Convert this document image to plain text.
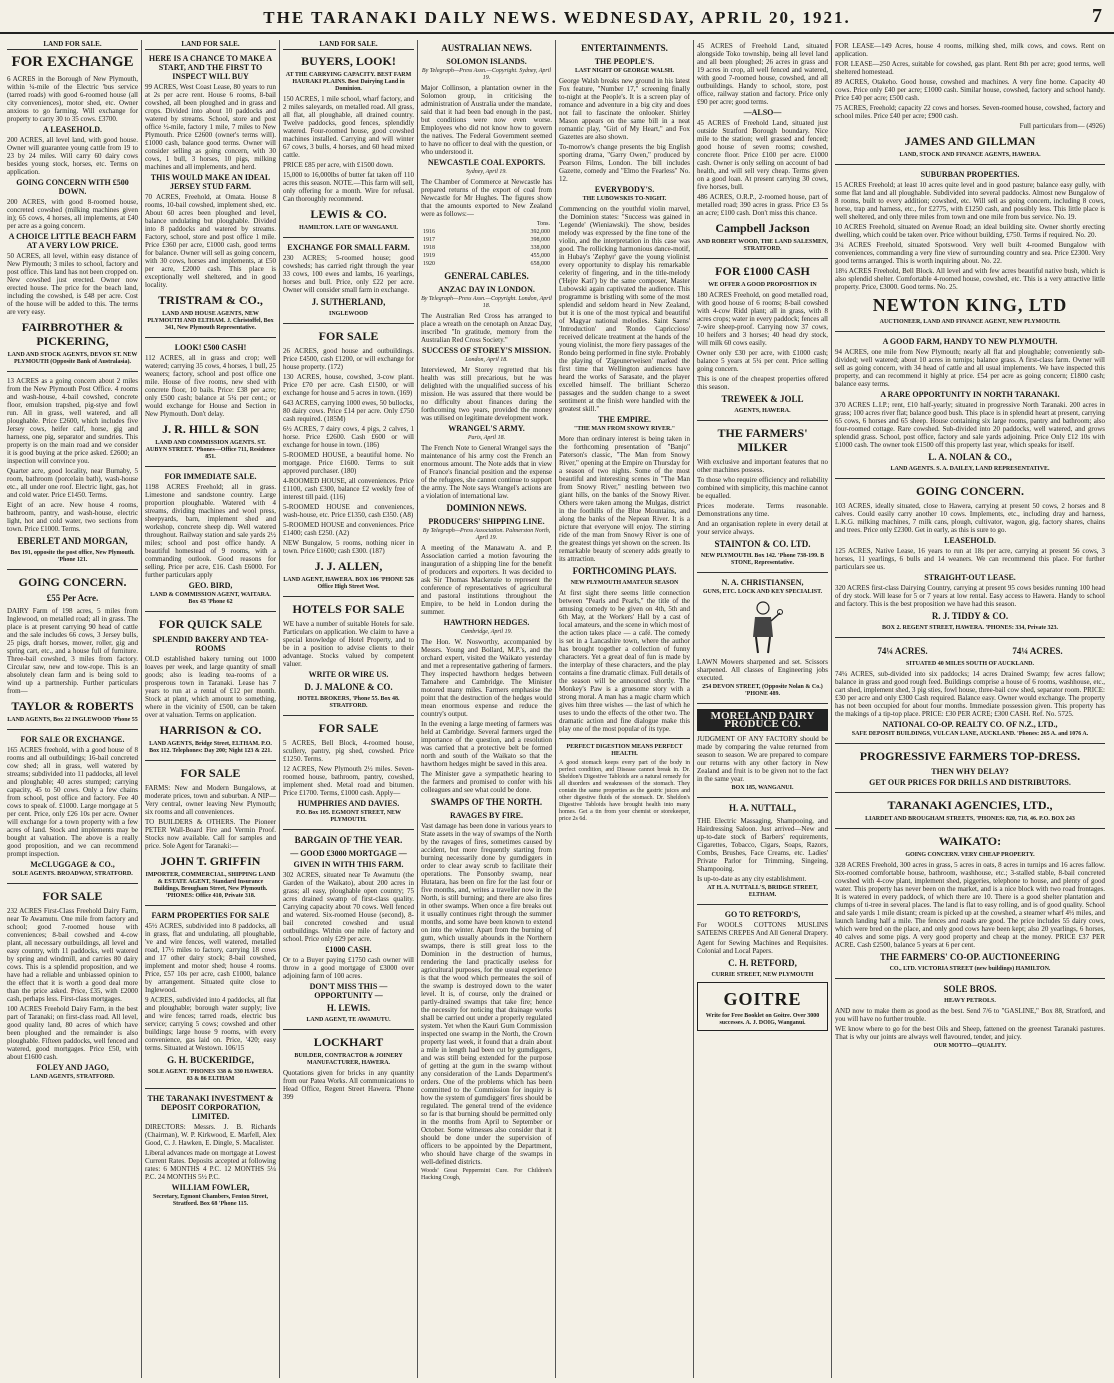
THE TARANAKI DAILY NEWS. WEDNESDAY, APRIL 20, 1921.	7
LAND FOR SALE.
FOR EXCHANGE

6 ACRES in the Borough of New Plymouth, within ¼-mile of the Electric 'bus service (tarred roads) with good 6-roomed house (all city conveniences), motor shed, etc. Owner anxious to go farming. Will exchange for property to carry 30 to 35 cows. £3700.

A LEASEHOLD.

200 ACRES, all level land, with good house. Owner will guarantee young cattle from 19 to 23 by 24 miles. Will carry 60 dairy cows besides young stock, horses, etc. Terms on application.

GOING CONCERN WITH £500 DOWN.

200 ACRES, with good 8-roomed house, concreted cowshed (milking machines given in); 65 cows, 4 horses, all implements, at £40 per acre as a going concern.

A CHOICE LITTLE BEACH FARM AT A VERY LOW PRICE.

50 ACRES, all level, within easy distance of New Plymouth; 3 miles to school, factory and post office. This land has not been cropped on. New cowshed just erected. Owner now erected house. The price for the beach land, including the cowshed, is £48 per acre. Cost of the house will be added to this. The terms are very easy.

FAIRBROTHER & PICKERING,
LAND AND STOCK AGENTS, DEVON ST. NEW PLYMOUTH (Opposite Bank of Australasia).

13 ACRES as a going concern about 2 miles from the New Plymouth Post Office. 4 rooms and wash-house, 4-bail cowshed, concrete floor, emulsion trapshed, pig-stye and fowl run. All in grass, well watered, and all ploughable. Price £2600, which includes five Jersey cows, heifer calf, horse, gig and harness, one pig, separator and sundries. This property is on the main road and we consider it is good buying at the price asked. £2600; an inspection will convince you.

Quarter acre, good locality, near Burnaby, 5 room, bathroom (porcelain bath), wash-house etc., all under one roof. Electric light, gas, hot and cold water. Price £1450. Terms.

Eight of an acre. New house 4 rooms, bathroom, pantry, and wash-house, electric light, hot and cold water, two sections from town. Price £1000. Terms.

EBERLET AND MORGAN,
Box 191, opposite the post office, New Plymouth. 'Phone 121.
GOING CONCERN.
£55 Per Acre.

DAIRY Farm of 198 acres, 5 miles from Inglewood, on metalled road; all in grass. The place is at present carrying 90 head of cattle and the sale includes 66 cows, 3 Jersey bulls, 25 pigs, draft horses, mower, roller, gig and spring cart, etc., and a house full of furniture. Three-bail cowshed, 3 miles from factory. Circular saw, new and tow-rope. This is an absolutely clean farm and is being sold to wind up a partnership. Further particulars from—

TAYLOR & ROBERTS
LAND AGENTS, Box 22 INGLEWOOD 'Phone 55
FOR SALE OR EXCHANGE.

165 ACRES freehold, with a good house of 8 rooms and all outbuildings; 16-bail concreted cow shed; all in grass, well watered by streams; subdivided into 11 paddocks, all level and ploughable; 40 acres stumped; carrying capacity, 45 to 50 cows. Only a few chains from school, post office and factory. Fee 40 cows to speak of. £1000. Large mortgage at 5 per cent. Price, only £26 10s per acre. Owner will exchange for a town property with a few acres of land. Stock and implements may be bought at valuation. The above is a really good proposition, and we can recommend prompt inspection.

McCLUGGAGE & CO.,
SOLE AGENTS. BROADWAY, STRATFORD.
FOR SALE

232 ACRES First-Class Freehold Dairy Farm, near Te Awamutu. One mile from factory and school; good 7-roomed house with conveniences; 8-bail cowshed and 4-cow plant, all necessary outbuildings, all level and easy country, with 11 paddocks, well watered by spring and windmill, and carries 80 dairy cows. This is a splendid proposition, and we have had a reliable and unbiassed opinion to the effect that it is worth a good deal more than the price asked. Price, £35, with £2000 cash, perhaps less. First-class mortgages.

100 ACRES Freehold Dairy Farm, in the best part of Taranaki; on first-class road. All level, good quality land, 80 acres of which have been ploughed and the remainder is also ploughable. Fifteen paddocks, well fenced and watered, good mortgages. Price £50, with about £1600 cash.

FOLEY AND JAGO,
LAND AGENTS, STRATFORD.
LAND FOR SALE.
HERE IS A CHANCE TO MAKE A START, AND THE FIRST TO INSPECT WILL BUY

99 ACRES, West Coast Lease, 80 years to run at 2s per acre rent. House 6 rooms, 8-bail cowshed, all been ploughed and in grass and crops. Divided into about 10 paddocks and watered by streams. School, store and post office ½-mile, factory 1 mile, 7 miles to New Plymouth. Price £2600 (owner's terms will). £1000 cash, balance good terms. Owner will consider selling as going concern, with 30 cows, 1 bull, 3 horses, 10 pigs, milking machines and all implements, and herd.

THIS WOULD MAKE AN IDEAL JERSEY STUD FARM.

70 ACRES, Freehold, at Omata. House 8 rooms, 10-bail cowshed, implement shed, etc. About 60 acres been ploughed and level, balance undulating but ploughable. Divided into 8 paddocks and watered by streams. Factory, school, store and post office 1 mile. Price £360 per acre, £1000 cash, good terms for balance. Owner will sell as going concern, with 30 cows, horses and implements, at £50 per acre, £2000 cash. This place is exceptionally well sheltered, and in good locality.

TRISTRAM & CO.,
LAND AND HOUSE AGENTS, NEW PLYMOUTH AND ELTHAM. J. Christoffel, Box 341, New Plymouth Representative.
LOOK! £500 CASH!

112 ACRES, all in grass and crop; well watered; carrying 35 cows, 4 horses, 1 bull, 25 weaners; factory, school and post office one mile. House of five rooms, new shed with concrete floor, 10 bails. Price: £38 per acre; only £500 cash; balance at 5¼ per cent.; or would exchange for House and Section in New Plymouth. Don't delay.

J. R. HILL & SON
LAND AND COMMISSION AGENTS. ST. AUBYN STREET. 'Phones—Office 711, Residence 851.
FOR IMMEDIATE SALE.

1198 ACRES Freehold; all in grass. Limestone and sandstone country. Large proportion ploughable. Watered with 4 streams, dividing machines and wool press, sheepyards, barn, implement shed and workshop, concrete sheep dip. Well watered throughout. Railway station and sale yards 2½ miles; school and post office handy. A beautiful homestead of 9 rooms, with a commanding outlook. Good reasons for selling. Price per acre, £16. Cash £6000. For further particulars apply

GEO. BIRD,
LAND & COMMISSION AGENT, WAITARA. Box 43 'Phone 62
FOR QUICK SALE
SPLENDID BAKERY AND TEA-ROOMS

OLD established bakery turning out 1000 loaves per week, and large quantity of small goods; also is leading tea-rooms of a prosperous town in Taranaki. Lease has 7 years to run at a rental of £12 per month. Stock at plant, which amount to something, where in the vicinity of £500, can be taken over at valuation. Terms on application.

HARRISON & CO.
LAND AGENTS, Bridge Street, ELTHAM. P.O. Box 112. Telephones: Day 200; Night 123 & 221.
FOR SALE

FARMS: New and Modern Bungalows, at moderate prices, town and suburban. A NIP—Very central, owner leaving New Plymouth; six rooms and all conveniences.

TO BUILDERS & OTHERS. The Pioneer PETER Wall-Board Fire and Vermin Proof. Stocks now available. Call for samples and price. Sole Agent for Taranaki:—

JOHN T. GRIFFIN
IMPORTER, COMMERCIAL, SHIPPING LAND & ESTATE AGENT, Standard Insurance Buildings, Brougham Street, New Plymouth. 'PHONES: Office 410, Private 318.
FARM PROPERTIES FOR SALE

45½ ACRES, subdivided into 8 paddocks, all in grass, flat and undulating, all ploughable, 've and wire fences, well watered, metalled road, 17½ miles to factory, carrying 18 cows and 17 other dairy stock; 8-bail cowshed, implement and motor shed; house 4 rooms. Price, £57 10s per acre, cash £1000, balance by arrangement. Situated quite close to Inglewood.

9 ACRES, subdivided into 4 paddocks, all flat and ploughable; borough water supply; live and wire fences; tarred roads, electric bus service; carrying 5 cows; cowshed and other buildings; large house 9 rooms, with every convenience, gas laid on. Price, '420; easy terms. Situated at Westown. 106/15

G. H. BUCKERIDGE,
SOLE AGENT. 'PHONES 338 & 330 HAWERA. 83 & 86 ELTHAM
THE TARANAKI INVESTMENT & DEPOSIT CORPORATION, LIMITED.

DIRECTORS: Messrs. J. B. Richards (Chairman), W. P. Kirkwood, E. Marfell, Alex Good, C. J. Hawken, E. Dingle, S. Macalister.

Liberal advances made on mortgage at Lowest Current Rates. Deposits accepted at following rates: 6 MONTHS 4 P.C. 12 MONTHS 5¼ P.C. 24 MONTHS 5½ P.C.

WILLIAM FOWLER,
Secretary, Egmont Chambers, Fenton Street, Stratford. Box 68 'Phone 115.
LAND FOR SALE.
BUYERS, LOOK!
AT THE CARRYING CAPACITY. BEST FARM HAURAKI PLAINS. Best Dairying Land in Dominion.

150 ACRES, 1 mile school, wharf factory, and 2 miles saleyards, on metalled road. All grass, all flat, all ploughable, all drained country. Twelve paddocks, good fences, splendidly watered. Four-roomed house, good cowshed machines installed. Carrying and will winter 67 cows, 3 bulls, 4 horses, and 60 head mixed cattle.

PRICE £85 per acre, with £1500 down.

15,000 to 16,000lbs of butter fat taken off 110 acres this season. NOTE.—This farm will sell, only offering for a month. Wire for refusal. Can thoroughly recommend.

LEWIS & CO.
HAMILTON. LATE OF WANGANUI.
EXCHANGE FOR SMALL FARM.

230 ACRES; 5-roomed house; good cowsheds; has carried right through the year 33 cows, 100 ewes and lambs, 16 yearlings, horses and bull. Price, only £22 per acre. Owner will consider small farm in exchange.

J. SUTHERLAND,
INGLEWOOD
FOR SALE

26 ACRES, good house and outbuildings. Price £4500, cash £1200, or will exchange for house property. (172)

130 ACRES, house, cowshed, 3-cow plant. Price £70 per acre. Cash £1500, or will exchange for house and 5 acres in town. (169)

643 ACRES, carrying 1000 ewes, 50 bullocks, 80 dairy cows. Price £14 per acre. Only £750 cash required. (185M)

6½ ACRES, 7 dairy cows, 4 pigs, 2 calves, 1 horse. Price £2600. Cash £600 or will exchange for house in town. (186)

5-ROOMED HOUSE, a beautiful home. No mortgage. Price £1600. Terms to suit approved purchaser. (180)

4-ROOMED HOUSE, all conveniences. Price £1100, cash £300, balance £2 weekly free of interest till paid. (116)

5-ROOMED HOUSE and conveniences, wash-house, etc. Price £1350, cash £350. (A8)

5-ROOMED HOUSE and conveniences. Price £1400; cash £250. (A2)

NEW Bungalow, 5 rooms, nothing nicer in town. Price £1600; cash £300. (187)

J. J. ALLEN,
LAND AGENT, HAWERA. BOX 106 'PHONE 526 Office High Street West.
HOTELS FOR SALE

WE have a number of suitable Hotels for sale. Particulars on application. We claim to have a special knowledge of Hotel Property, and to be in a position to advise clients to their advantage. Stocks valued by competent valuer.

WRITE OR WIRE US.
D. J. MALONE & CO.
HOTEL BROKERS, 'Phone 55. Box 48. STRATFORD.
FOR SALE

5 ACRES, Bell Block, 4-roomed house, scullery, pantry, pig shed, cowshed. Price £1250. Terms.

12 ACRES, New Plymouth 2½ miles. Seven-roomed house, bathroom, pantry, cowshed, implement shed. Metal road and bitumen. Price £1700. Terms, £1000 cash. Apply—

HUMPHRIES AND DAVIES.
P.O. Box 105. EGMONT STREET, NEW PLYMOUTH.
BARGAIN OF THE YEAR.
— GOOD £3000 MORTGAGE —
GIVEN IN WITH THIS FARM.

302 ACRES, situated near Te Awamutu (the Garden of the Waikato), about 200 acres in grass; all easy, ploughable open country; 75 acres drained swamp of first-class quality. Carrying capacity about 70 cows. Well fenced and watered. Six-roomed House (second), 8-bail concreted cowshed and usual outbuildings. Within one mile of factory and school. Price only £29 per acre.

£1000 CASH.

Or to a Buyer paying £1750 cash owner will throw in a good mortgage of £3000 over adjoining farm of 100 acres.

DON'T MISS THIS — OPPORTUNITY —
H. LEWIS.
LAND AGENT, TE AWAMUTU.
LOCKHART
BUILDER, CONTRACTOR & JOINERY MANUFACTURER, HAWERA.

Quotations given for bricks in any quantity from our Patea Works. All communications to Head Office, Regent Street Hawera. 'Phone 399

AUSTRALIAN NEWS.
SOLOMON ISLANDS.
By Telegraph—Press Assn.—Copyright. Sydney, April 19.

Major Collinson, a plantation owner in the Solomon group, in criticising the administration of Australia under the mandate, said that it had been bad enough in the past, but conditions were now even worse. Employees who did not know how to govern the natives. The Federal Government seemed to have no officer to deal with the question, or who understood it.

NEWCASTLE COAL EXPORTS.
Sydney, April 19.

The Chamber of Commerce at Newcastle has prepared returns of the export of coal from Newcastle for Mr Hughes. The figures show that the amounts exported to New Zealand were as follows:—

	Tons.
1916	392,000
1917	398,000
1918	338,000
1919	455,000
1920	658,000
GENERAL CABLES.
ANZAC DAY IN LONDON.
By Telegraph—Press Assn.—Copyright. London, April 18.

The Australian Red Cross has arranged to place a wreath on the cenotaph on Anzac Day, inscribed "In gratitude, memory from the Australian Red Cross Society."

SUCCESS OF STOREY'S MISSION.
London, April 18.

Interviewed, Mr Storey regretted that his health was still precarious, but he was delighted with the unqualified success of his mission. He was assured that there would be no difficulty about finances during the forthcoming two years, provided the money was utilised on legitimate development work.

WRANGEL'S ARMY.
Paris, April 18.

The French Note to General Wrangel says the maintenance of his army cost the French an enormous amount. The Note adds that in view of France's financial position and the expense of the refugees, she cannot continue to support the army. The Note says Wrangel's actions are a violation of international law.

DOMINION NEWS.
PRODUCERS' SHIPPING LINE.
By Telegraph—Press Association. Palmerston North, April 19.

A meeting of the Manawatu A. and P. Association carried a motion favouring the inauguration of a shipping line for the benefit of producers and exporters. It was decided to ask Sir Thomas Mackenzie to represent the conference of representatives of agricultural and pastoral institutions throughout the Empire, to be held in London during the summer.

HAWTHORN HEDGES.
Cambridge, April 19.

The Hon. W. Nosworthy, accompanied by Messrs. Young and Bollard, M.P.'s, and the orchard expert, visited the Waikato yesterday and met a representative gathering of farmers. They inspected hawthorn hedges between Tamahere and Cambridge. The Minister motored many miles. Farmers emphasise the point that the destruction of the hedges would mean enormous expense and reduce the country's output.

In the evening a large meeting of farmers was held at Cambridge. Several farmers urged the importance of the question, and a resolution was carried that a protective belt be formed north and south of the Waikato so that the hawthorn hedges might be saved in this area.

The Minister gave a sympathetic hearing to the farmers and promised to confer with his colleagues and see what could be done.

SWAMPS OF THE NORTH.
RAVAGES BY FIRE.

Vast damage has been done in various years to State assets in the way of swamps of the North by the ravages of fires, sometimes caused by accident, but more frequently starting from burning necessarily done by gumdiggers in order to clear away scrub to facilitate their operations. The Ponsonby swamp, near Hutatara, has been on fire for the last four or five months, and, writes a traveller now in the North, is still burning; and there are also fires in other swamps. When once a fire breaks out it usually continues right through the summer months, and some have been known to extend on into the winter. Apart from the burning of gum, which usually abounds in the Northern swamps, there is still great loss to the Dominion in the destruction of humus, rendering the land practically useless for agricultural purposes, for the usual experience is that the wood which permeates the soil of the swamp is destroyed down to the water level. It is, of course, only the drained or partly-drained swamps that take fire; hence the necessity for noticing that drainage works shall be carried out under a properly regulated system. Yet when the Kauri Gum Commission inspected one swamp in the North, the Crown property last week, it found that a drain about a mile in length had been cut by gumdiggers, and was still being extended for the purpose of getting at the gum in the swamp without any consideration of the Lands Department's orders. One of the problems which has been committed to the Commission for inquiry is how the system of gumdiggers' fires should be regulated. The general trend of the evidence so far is that burning should be permitted only in the months from April to September or October. Some witnesses also consider that it should be done under the supervision of officers to be appointed by the Department, who should have charge of the swamps in well-defined districts.

Woods' Great Peppermint Cure. For Children's Hacking Cough,

ENTERTAINMENTS.
THE PEOPLE'S.
LAST NIGHT OF GEORGE WALSH.

George Walsh breaks new ground in his latest Fox feature, "Number 17," screening finally to-night at the People's. It is a screen play of romance and adventure in a big city and does not fail to fascinate the onlooker. Shirley Mason appears on the same bill in a neat romantic play, "Girl of My Heart," and Fox Gazettes are also shown.

To-morrow's change presents the big English sporting drama, "Garry Owen," produced by Pearson Films, London. The bill includes Gazette, comedy and "Elmo the Fearless" No. 12.

EVERYBODY'S.
THE LUBOWSKIS TO-NIGHT.

Commencing on the youthful violin marvel, the Dominion states: "Success was gained in 'Legende' (Wieniawski). The show, besides melody was expressed by the fine tone of the violin, and the interpretation in this case was good. The rollicking harmonious dance-motif, in Hubay's 'Zephyr' gave the young violinist every opportunity to display his remarkable celerity of fingering, and in the title-melody ('Hejre Kati') by the same composer, Master Lubowski again captivated the audience. This programme is bristling with some of the most splendid and seldom heard in New Zealand, but it is one of the most typical and beautiful of Magyar national melodies. Saint Saens' 'Introduction' and 'Rondo Capriccioso' received delicate treatment at the hands of the young violinist, the more fiery passages of the Rondo being performed in fine style. Probably the playing of 'Zigeunerweisen' marked the first time that Wellington audiences have heard the works of Sarasate, and the player excelled himself. The brilliant Scherzo passages and the sudden change to a sweet sentiment at the finish were handled with the greatest skill."

THE EMPIRE.
"THE MAN FROM SNOWY RIVER."

More than ordinary interest is being taken in the forthcoming presentation of "Banjo" Paterson's classic, "The Man from Snowy River," opening at the Empire on Thursday for a season of two nights. Some of the most beautiful and interesting scenes in "The Man from Snowy River," nestling between two giant hills, on the banks of the Snowy River. Others were taken among the Mulgas, district in the foothills of the Blue Mountains, and along the banks of the Nepean River. It is a picture that everyone will enjoy. The stirring ride of the man from Snowy River is one of the greatest things yet shown on the screen. Its remarkable beauty of scenery adds greatly to its attraction.

FORTHCOMING PLAYS.
NEW PLYMOUTH AMATEUR SEASON

At first sight there seems little connection between "Pearls and Pearls," the title of the amusing comedy to be given on 4th, 5th and 6th May, at the Workers' Hall by a cast of local amateurs, and the scene in which most of the action takes place — a café. The comedy is set in a Lancashire town, where the author has brought together a collection of funny characters. Yet a great deal of fun is made by the interplay of these characters, and the play contains a fine dramatic climax. Full details of the season will be announced shortly. The Monkey's Paw is a gruesome story with a strong moral. A man has a magic charm which gives him three wishes — the last of which he uses to undo the effects of the other two. The dramatic action and fine dialogue make this play one of the most popular of its type.

PERFECT DIGESTION MEANS PERFECT HEALTH.

A good stomach keeps every part of the body in perfect condition, and Disease cannot break in. Dr. Sheldon's Digestive Tabloids are a natural remedy for all disorders and weaknesses of the stomach. They contain the same properties as the gastric juices and other digestive fluids of the stomach. Dr. Sheldon's Digestive Tabloids have brought health into many homes. Get a tin from your chemist or storekeeper, price 2s 6d.

45 ACRES of Freehold Land, situated alongside Toko township, being all level land and all been ploughed; 26 acres in grass and 19 acres in crop, all well fenced and watered, with good 7-roomed house, cowshed, and all outbuildings. Handy to school, store, post office, railway station and factory. Price only £90 per acre; good terms.

—ALSO—

45 ACRES of Freehold Land, situated just outside Stratford Borough boundary. Nice mile to the station; well grassed and fenced; good house of seven rooms; cowshed, concrete floor. Price £100 per acre. £1000 cash. Owner is only selling on account of bad health, and will sell very cheap. Terms given on a good loan. At present carrying 30 cows, five horses, bull.

486 ACRES, O.R.P., 2-roomed house, part of metalled road; 390 acres in grass. Price £3 5s an acre; £100 cash. Don't miss this chance.

Campbell Jackson
AND ROBERT WOOD, THE LAND SALESMEN, STRATFORD.
FOR £1000 CASH
WE OFFER A GOOD PROPOSITION IN

180 ACRES Freehold, on good metalled road, with good house of 6 rooms; 8-bail cowshed with 4-cow Ridd plant; all in grass, with 8 acres crops; water in every paddock; fences all 7-wire sheep-proof. Carrying now 37 cows, 10 heifers and 3 horses; 40 head dry stock, will milk 60 cows easily.

Owner only £30 per acre, with £1000 cash; balance 5 years at 5¼ per cent. Price selling going concern.

This is one of the cheapest properties offered this season.

TREWEEK & JOLL
AGENTS, HAWERA.
THE FARMERS' MILKER

With exclusive and important features that no other machines possess.

To those who require efficiency and reliability combined with simplicity, this machine cannot be equalled.

Prices moderate. Terms reasonable. Demonstrations any time.

And an organisation replete in every detail at your service always.

STAINTON & CO. LTD.
NEW PLYMOUTH. Box 142. 'Phone 738-199. B STONE, Representative.
N. A. CHRISTIANSEN,
GUNS, ETC. LOCK AND KEY SPECIALIST.

LAWN Mowers sharpened and set. Scissors sharpened. All classes of Engineering jobs executed.

254 DEVON STREET, (Opposite Nolan & Co.) 'PHONE 489.

MORELAND DAIRY PRODUCE CO.

JUDGMENT OF ANY FACTORY should be made by comparing the value returned from season to season. We are prepared to compare our returns with any other factory in New Zealand and fruit is to be given not to the fact in the same year.

BOX 185, WANGANUI.

H. A. NUTTALL,

THE Electric Massaging, Shampooing, and Hairdressing Saloon. Just arrived—New and up-to-date stock of Barbers' requirements, Cigarettes, Tobacco, Cigars, Soaps, Razors, Combs, Brushes, Face Creams, etc. Ladies' Private Parlor for Trimming, Singeing, Shampooing.

Is up-to-date as any city establishment.

AT H. A. NUTTALL'S, BRIDGE STREET, ELTHAM.

GO TO RETFORD'S,

For WOOLS COTTONS MUSLINS SATEENS CREPES And All General Drapery.

Agent for Sewing Machines and Requisites. Colonial and Local Papers.

C. H. RETFORD,
CURRIE STREET, NEW PLYMOUTH
GOITRE
Write for Free Booklet on Goitre. Over 3000 successes. A. J. DOIG, Wanganui.

FOR LEASE—149 Acres, house 4 rooms, milking shed, milk cows, and cows. Rent on application.

FOR LEASE—250 Acres, suitable for cowshed, gas plant. Rent 8th per acre; good terms, well sheltered homestead.

89 ACRES, Otakeho. Good house, cowshed and machines. A very fine home. Capacity 40 cows. Price only £40 per acre; £1000 cash. Similar house, cowshed, factory and school handy. Price £40 per acre; £500 cash.

75 ACRES, Freehold; capacity 22 cows and horses. Seven-roomed house, cowshed, factory and school miles. Price £40 per acre; £900 cash.

Full particulars from— (4926)

JAMES AND GILLMAN
LAND, STOCK AND FINANCE AGENTS, HAWERA.
SUBURBAN PROPERTIES.

15 ACRES Freehold; at least 10 acres quite level and in good pasture; balance easy gully, with some flat land and all ploughable. Subdivided into several paddocks. Almost new Bungalow of 8 rooms, built to every addition; cowshed, etc. Will sell as going concern, including 8 cows, horse, trap and harness, etc., for £2775, with £1250 cash, and possibly less. This little place is well sheltered, and only three miles from town and one mile from bus service. No. 19.

10 ACRES Freehold, situated on Avenue Road; an ideal building site. Owner shortly erecting dwelling, which could be taken over. Price without building, £750. Terms if required. No. 20.

3¼ ACRES Freehold, situated Spotswood. Very well built 4-roomed Bungalow with conveniences, commanding a very fine view of surrounding country and sea. Price £2300. Very good terms arranged. This is worth inquiring about. No. 22.

18¼ ACRES Freehold, Bell Block. All level and with few acres beautiful native bush, which is also splendid shelter. Comfortable 4-roomed house, cowshed, etc. This is a very attractive little property. Price, £3000. Good terms. No. 25.

NEWTON KING, LTD
AUCTIONEER, LAND AND FINANCE AGENT, NEW PLYMOUTH.
A GOOD FARM, HANDY TO NEW PLYMOUTH.

94 ACRES, one mile from New Plymouth; nearly all flat and ploughable; conveniently sub-divided; well watered; about 10 acres in turnips; balance grass. A first-class farm. Owner will sell as going concern, with 34 head of cattle and all usual implements. We have inspected this property, and can recommend it highly at price. £54 per acre as going concern; £1800 cash; balance easy terms.

A RARE OPPORTUNITY IN NORTH TARANAKI.

370 ACRES L.I.P.; rent, £10 half-yearly; situated in progressive North Taranaki. 200 acres in grass; 100 acres river flat; balance good bush. This place is in splendid heart at present, carrying 65 cows, 6 horses and 65 sheep. House containing six large rooms, pantry and bathroom; also four-roomed cottage. Rare cowshed. Sub-divided into 20 paddocks, well watered, and grows splendid grass. School, post office, factory and sale yards adjoining. Price Only £12 10s with £1000 cash. The owner took £1500 off this property last year, which speaks for itself.

L. A. NOLAN & CO.,
LAND AGENTS. S. A. DAILEY, LAND REPRESENTATIVE.
GOING CONCERN.

103 ACRES, ideally situated, close to Hawera, carrying at present 50 cows, 2 horses and 8 calves. Could easily carry another 10 cows. Implements, etc., including dray and harness, L.K.G. milking machines, 7 milk cans, plough, cultivator, wagon, gig, factory shares, chains and trees. Price only £2300. Get in early, as this is sure to go.

LEASEHOLD.

125 ACRES, Native Lease, 16 years to run at 18s per acre, carrying at present 56 cows, 3 horses, 11 yearlings, 6 bulls and 14 weaners. We can recommend this place. For further particulars see us.

STRAIGHT-OUT LEASE.

320 ACRES first-class Dairying Country, carrying at present 95 cows besides running 100 head of dry stock. Will lease for 5 or 7 years at low rental. Easy access to Hawera. Handy to school and factory. This is the best proposition we have had this season.

R. J. TIDDY & CO.
BOX 2. REGENT STREET, HAWERA. 'PHONES: 334, Private 323.
74¼ ACRES.	74¼ ACRES.
SITUATED 40 MILES SOUTH OF AUCKLAND.

74¼ ACRES, sub-divided into six paddocks; 14 acres Drained Swamp; few acres fallow; balance in grass and good rough feed. Buildings comprise a house of 6 rooms, washhouse, etc., cart shed, implement shed, 3 pig sties, fowl house, three-bail cow shed, separator room. PRICE: £30 per acre and only £300 Cash required. Balance easy. Owner would exchange. The property has not been occupied for about four months. Immediate possession given. This property has the makings of a tip-top place. PRICE: £30 PER ACRE; £300 CASH. Ref. No. 5725.

NATIONAL CO-OP. REALTY CO. OF N.Z., LTD.,
SAFE DEPOSIT BUILDINGS, VULCAN LANE, AUCKLAND. 'Phones: 265 A. and 1076 A.
PROGRESSIVE FARMERS TOP-DRESS.
THEN WHY DELAY?
GET OUR PRICES FOR DRILLS AND DISTRIBUTORS.
TARANAKI AGENCIES, LTD.,
LIARDET AND BROUGHAM STREETS, 'PHONES: 820, 718, 46. P.O. BOX 243
WAIKATO:
GOING CONCERN. VERY CHEAP PROPERTY.

328 ACRES Freehold, 300 acres in grass, 5 acres in oats, 8 acres in turnips and 16 acres fallow. Six-roomed comfortable house, bathroom, washhouse, etc.; 3-stalled stable, 8-bail concreted cowshed with 4-cow plant, implement shed, piggeries, telephone to house, and plenty of good water. This property has never been on the market, and is a nice block with two road frontages. It is watered in every paddock, of which there are 10. There is a good shelter plantation and clumps of ti-tree in several places. The land is flat to easy rolling, and is of good quality. School and sale yards 1 mile distant; cream is picked up at the cowshed, a steamer wharf 4½ miles, and launch landing half a mile. The fences and roads are good. The price includes 55 dairy cows, which were bred on the place, and only good cows have been kept; also 20 yearlings, 6 horses, 40 calves and some pigs. A very good property and cheap at the money. PRICE £37 PER ACRE. Cash £2500, balance 5 years at 6 per cent.

THE FARMERS' CO-OP. AUCTIONEERING
CO., LTD. VICTORIA STREET (new buildings) HAMILTON.
SOLE BROS.
HEAVY PETROLS.

AND now to make them as good as the best. Send 7/6 to "GASLINE," Box 88, Stratford, and you will have no further trouble.

WE know where to go for the best Oils and Sheep, fattened on the greenest Taranaki pastures. That is why our joints are always well flavoured, tender, and juicy.

OUR MOTTO—QUALITY.
